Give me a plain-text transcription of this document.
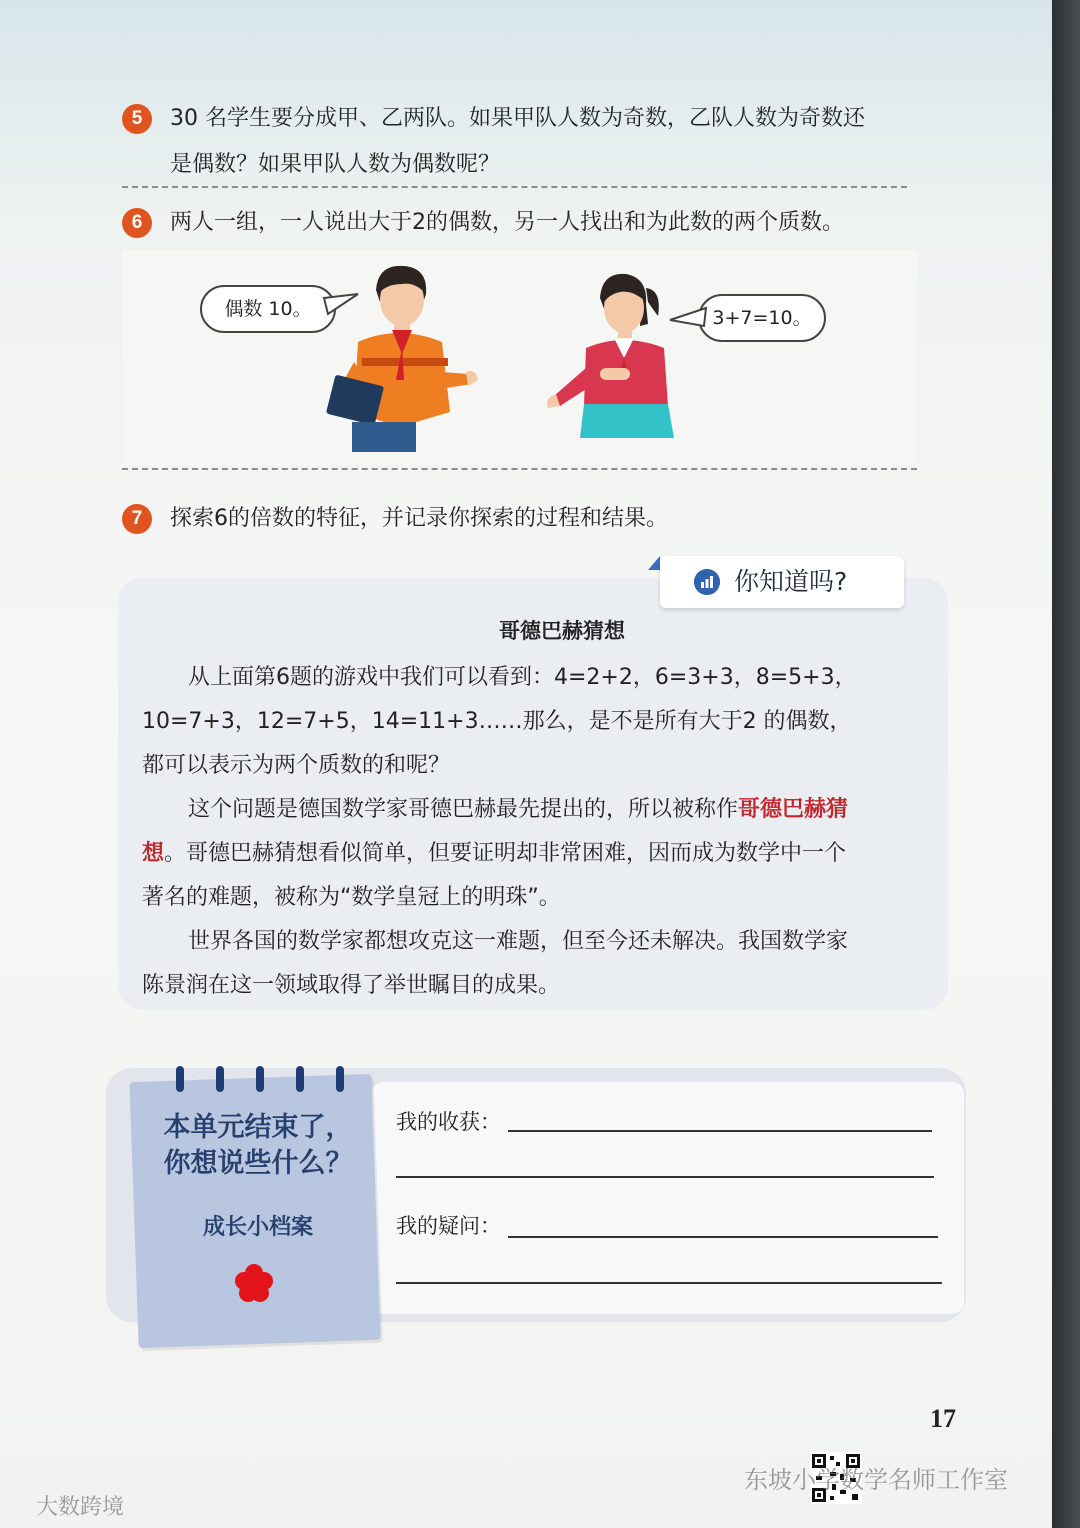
5	30 名学生要分成甲、乙两队。如果甲队人数为奇数，乙队人数为奇数还
是偶数？如果甲队人数为偶数呢？
6	两人一组，一人说出大于2的偶数，另一人找出和为此数的两个质数。
偶数 10。	3+7=10。
7	探索6的倍数的特征，并记录你探索的过程和结果。
你知道吗?
哥德巴赫猜想
从上面第6题的游戏中我们可以看到：4=2+2，6=3+3，8=5+3，
10=7+3，12=7+5，14=11+3……那么，是不是所有大于2 的偶数，
都可以表示为两个质数的和呢？
这个问题是德国数学家哥德巴赫最先提出的，所以被称作哥德巴赫猜
想。哥德巴赫猜想看似简单，但要证明却非常困难，因而成为数学中一个
著名的难题，被称为“数学皇冠上的明珠”。
世界各国的数学家都想攻克这一难题，但至今还未解决。我国数学家
陈景润在这一领域取得了举世瞩目的成果。
本单元结束了，
你想说些什么？
成长小档案
我的收获：
我的疑问：
17
大数跨境
东坡小学数学名师工作室
